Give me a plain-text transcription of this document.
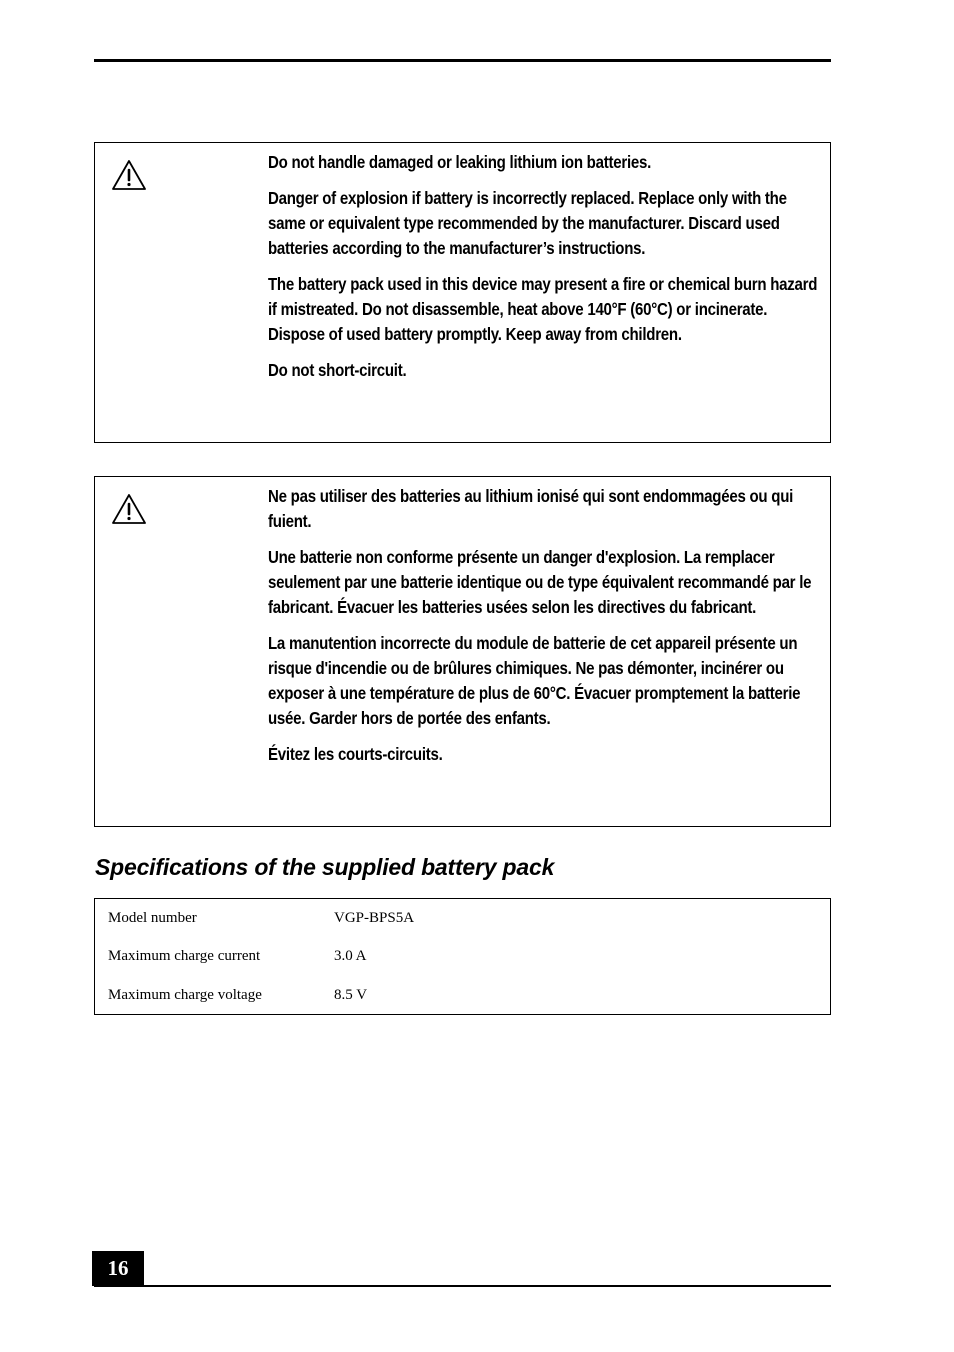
Do not handle damaged or leaking lithium ion batteries.

Danger of explosion if battery is incorrectly replaced. Replace only with the same or equivalent type recommended by the manufacturer. Discard used batteries according to the manufacturer’s instructions.

The battery pack used in this device may present a fire or chemical burn hazard if mistreated. Do not disassemble, heat above 140°F (60°C) or incinerate. Dispose of used battery promptly. Keep away from children.

Do not short-circuit.

Ne pas utiliser des batteries au lithium ionisé qui sont endommagées ou qui fuient.

Une batterie non conforme présente un danger d'explosion. La remplacer seulement par une batterie identique ou de type équivalent recommandé par le fabricant. Évacuer les batteries usées selon les directives du fabricant.

La manutention incorrecte du module de batterie de cet appareil présente un risque d'incendie ou de brûlures chimiques. Ne pas démonter, incinérer ou exposer à une température de plus de 60°C. Évacuer promptement la batterie usée. Garder hors de portée des enfants.

Évitez les courts-circuits.

Specifications of the supplied battery pack
Model number	VGP-BPS5A
Maximum charge current	3.0 A
Maximum charge voltage	8.5 V
16
